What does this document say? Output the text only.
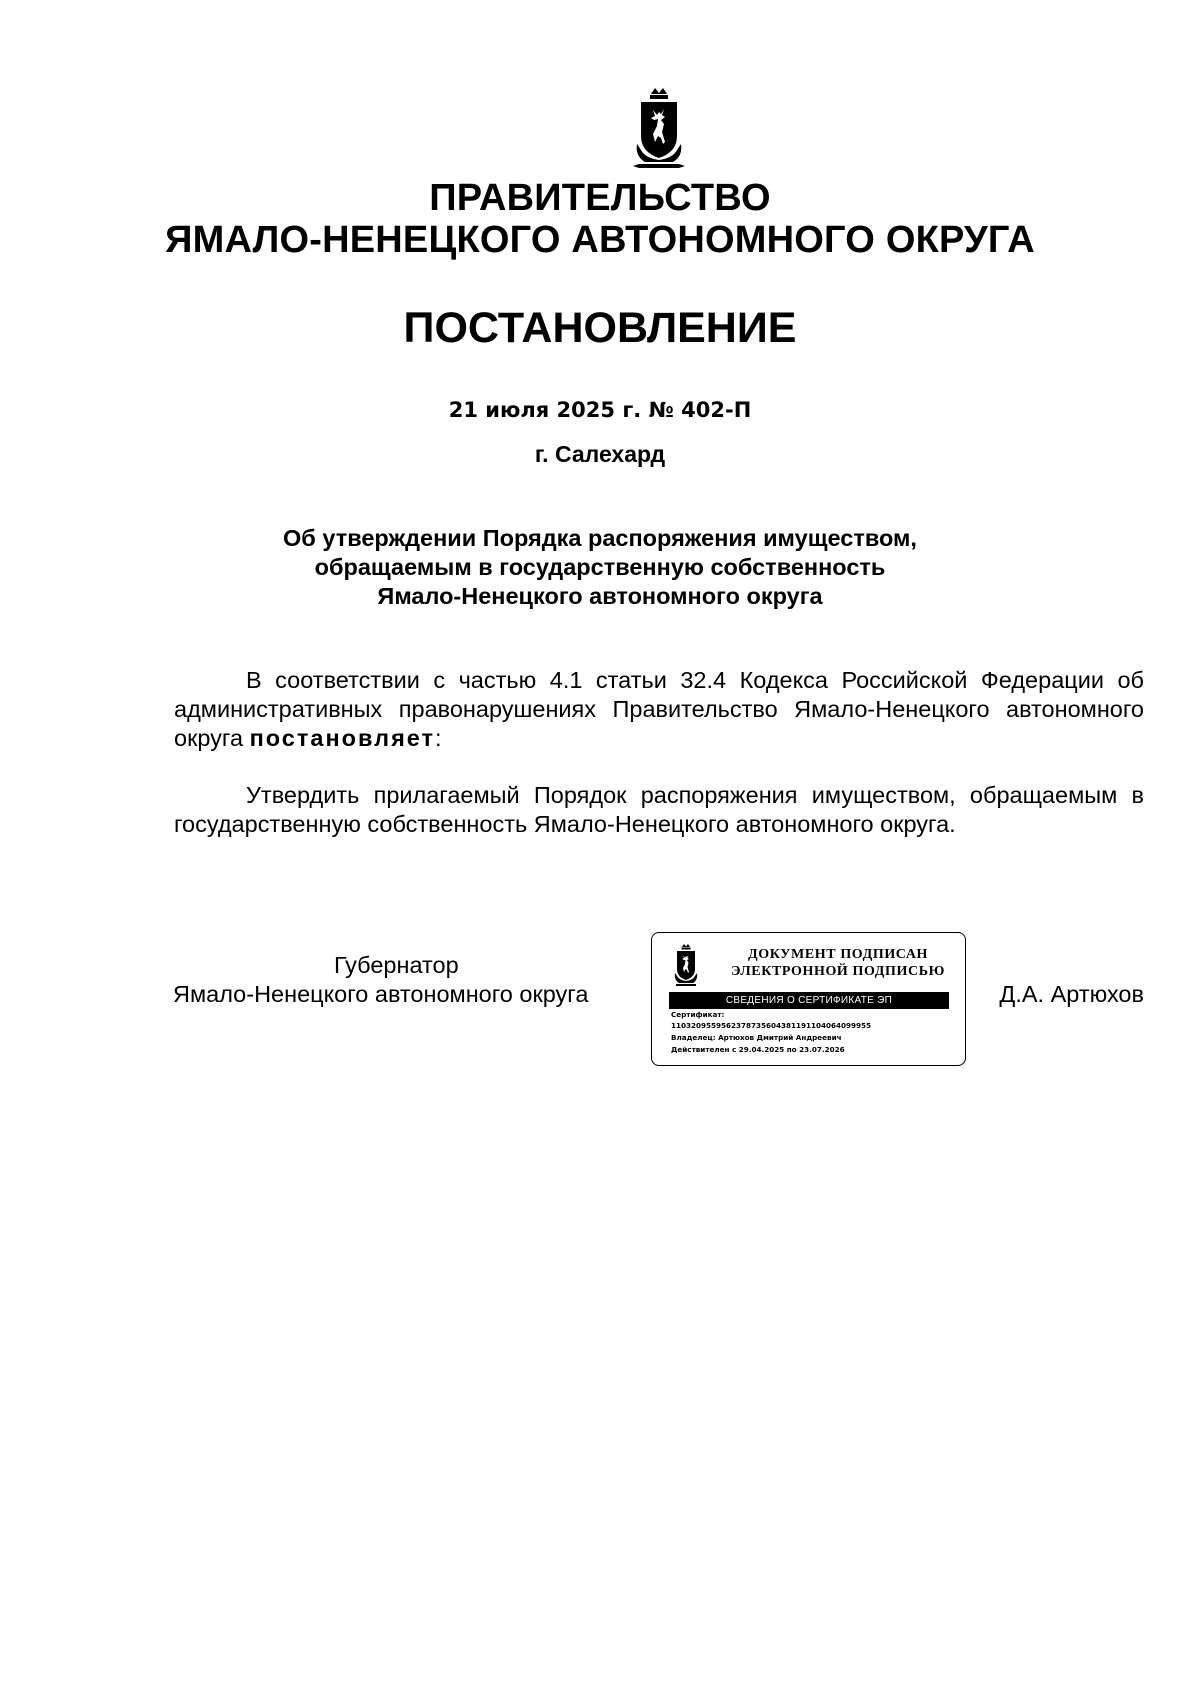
ПРАВИТЕЛЬСТВО
ЯМАЛО-НЕНЕЦКОГО АВТОНОМНОГО ОКРУГА
ПОСТАНОВЛЕНИЕ
21 июля 2025 г. № 402-П
г. Салехард
Об утверждении Порядка распоряжения имуществом,
обращаемым в государственную собственность
Ямало-Ненецкого автономного округа
В соответствии с частью 4.1 статьи 32.4 Кодекса Российской Федерации об административных правонарушениях Правительство Ямало-Ненецкого автономного округа постановляет:
Утвердить прилагаемый Порядок распоряжения имуществом, обращаемым в государственную собственность Ямало-Ненецкого автономного округа.
Губернатор
Ямало-Ненецкого автономного округа
ДОКУМЕНТ ПОДПИСАН
ЭЛЕКТРОННОЙ ПОДПИСЬЮ
СВЕДЕНИЯ О СЕРТИФИКАТЕ ЭП
Сертификат:
1103209559562378735604381191104064099955
Владелец: Артюхов Дмитрий Андреевич
Действителен с 29.04.2025 по 23.07.2026
Д.А. Артюхов
